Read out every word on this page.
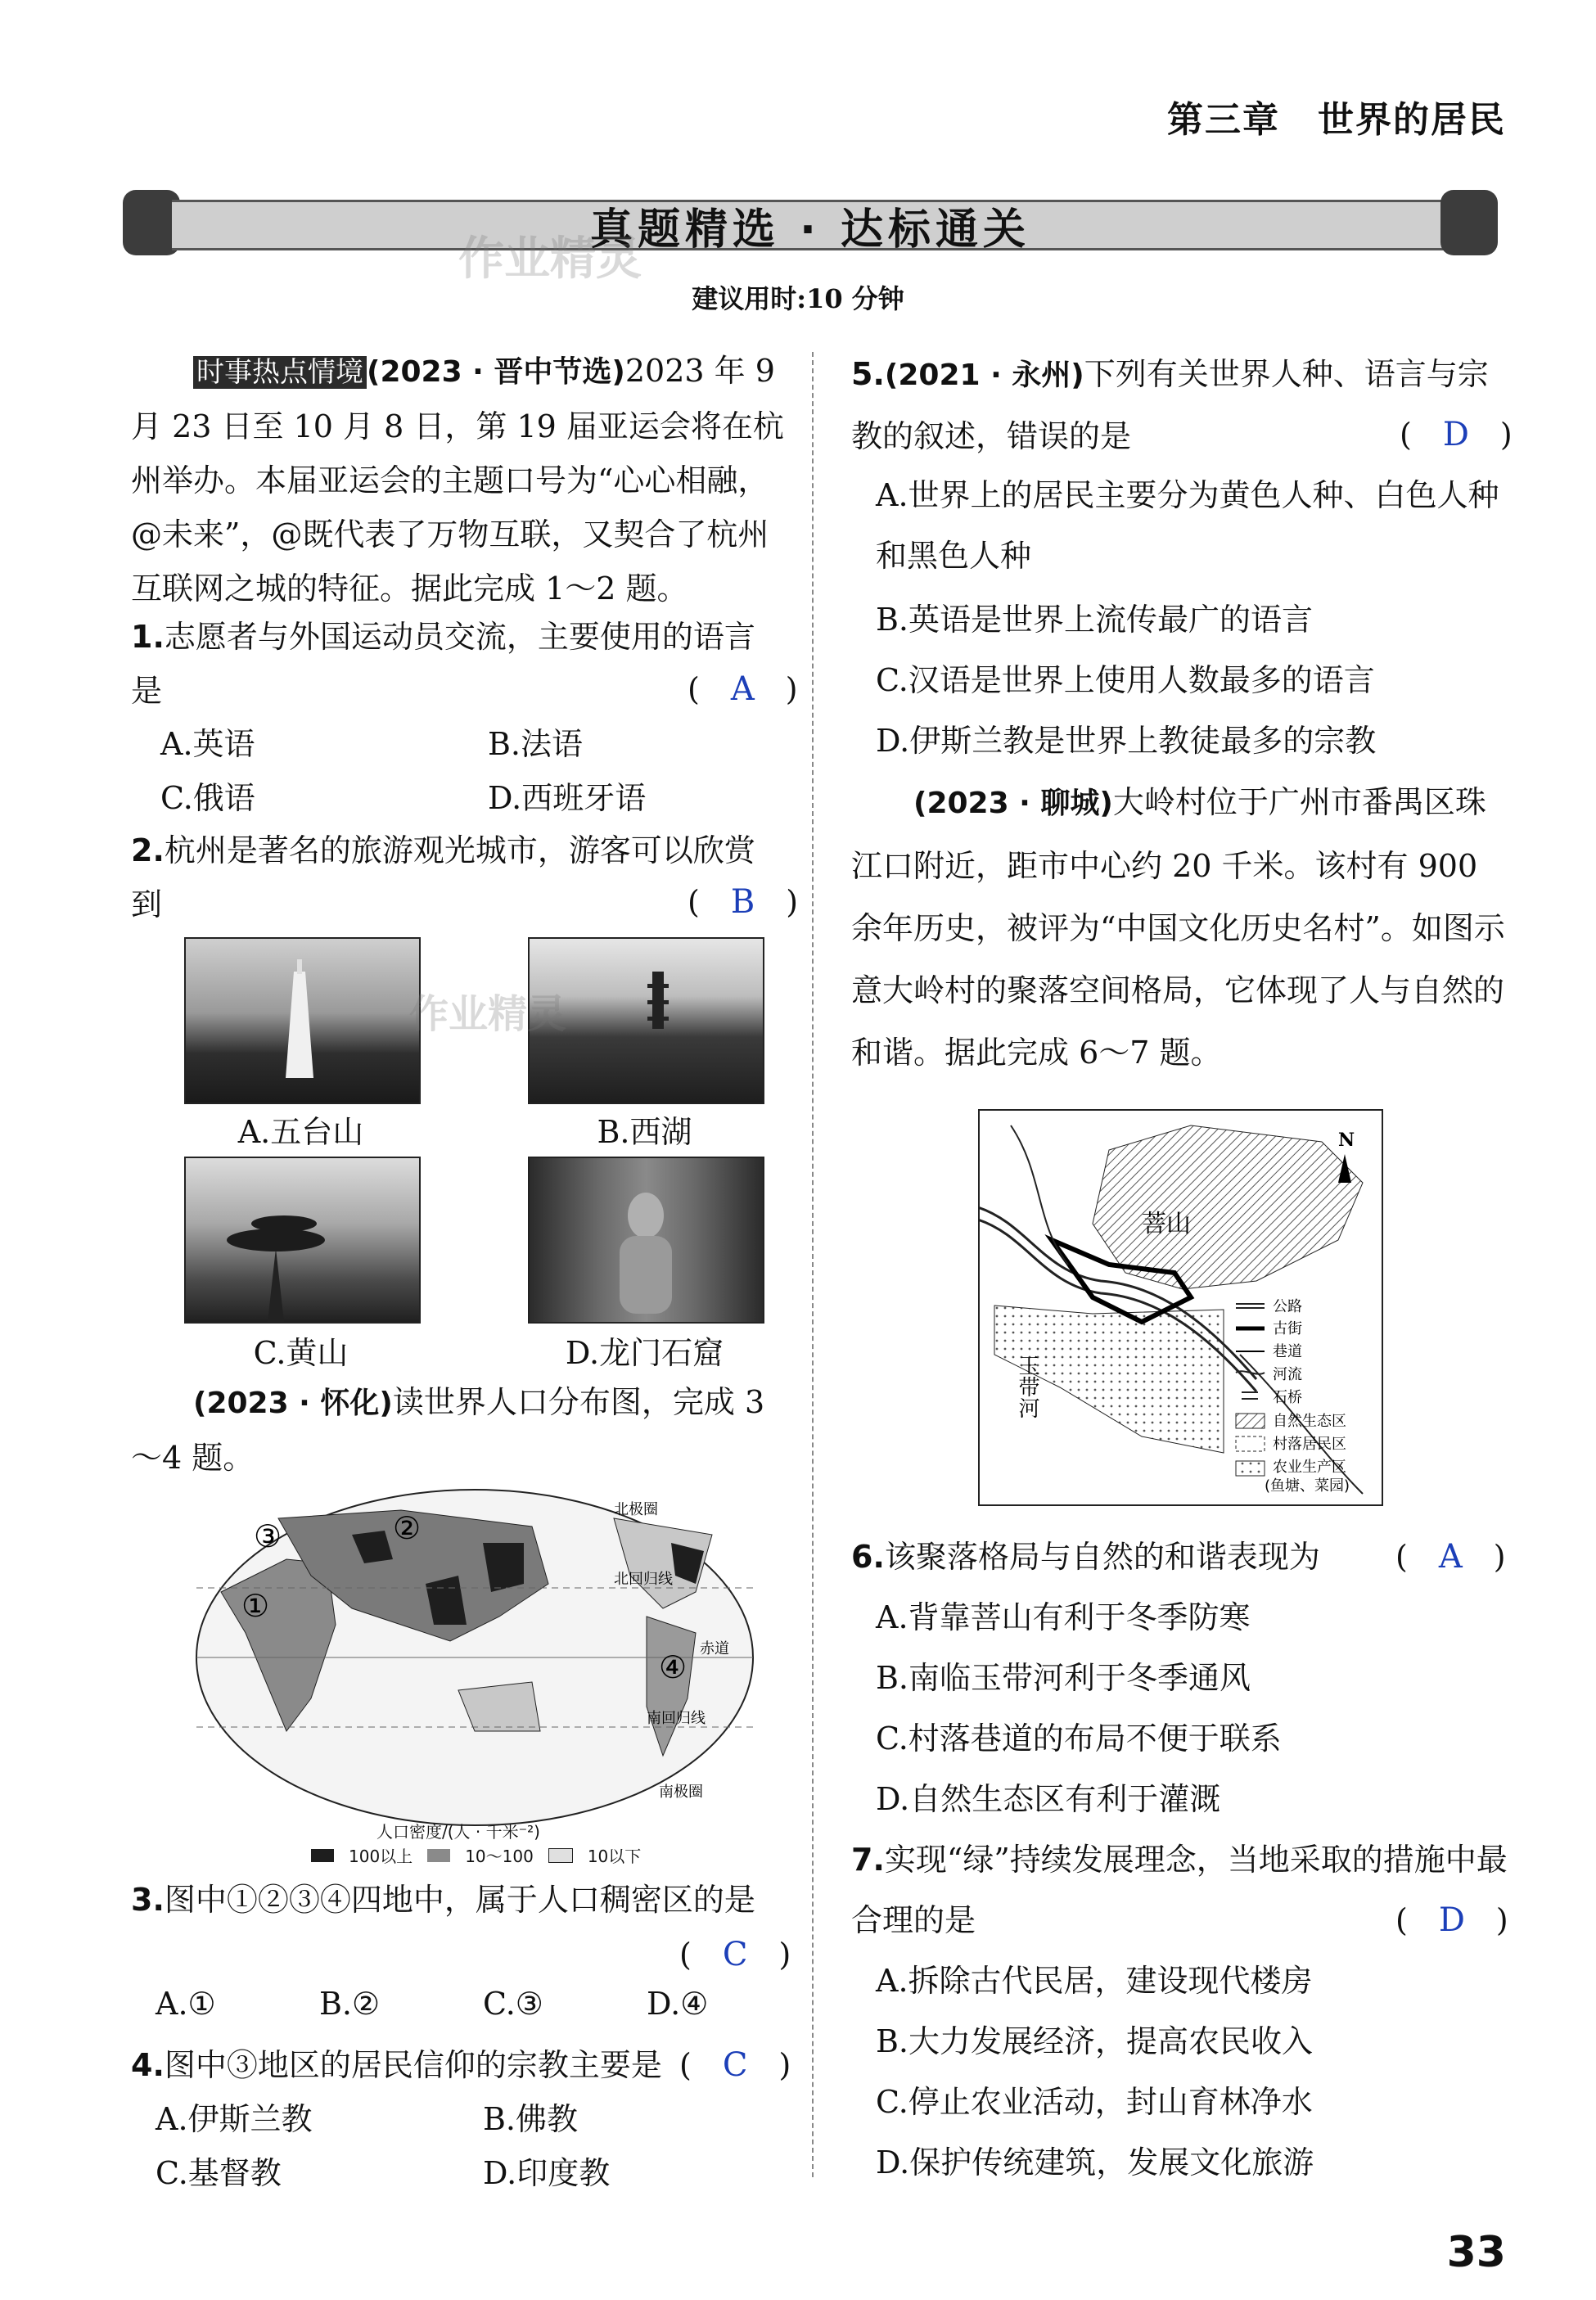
第三章　世界的居民
真题精选 · 达标通关
作业精灵
建议用时:10 分钟

时事热点情境 (2023 · 晋中节选)2023 年 9 月 23 日至 10 月 8 日，第 19 届亚运会将在杭州举办。本届亚运会的主题口号为“心心相融，@未来”，@既代表了万物互联，又契合了杭州互联网之城的特征。据此完成 1～2 题。

1.志愿者与外国运动员交流，主要使用的语言是	(　A　)
A.英语	B.法语
C.俄语	D.西班牙语
2.杭州是著名的旅游观光城市，游客可以欣赏到	(　B　)
A.五台山	B.西湖
C.黄山	D.龙门石窟
作业精灵

(2023 · 怀化)读世界人口分布图，完成 3～4 题。

③	②
①
④
北极圈
北回归线
赤道
南回归线
南极圈
人口密度/(人 · 千米⁻²)
100以上	10～100	10以下
3.图中①②③④四地中，属于人口稠密区的是
(　C　)
A.①	B.②	C.③	D.④
4.图中③地区的居民信仰的宗教主要是 (　C　)
A.伊斯兰教	B.佛教
C.基督教	D.印度教
5.(2021 · 永州)下列有关世界人种、语言与宗教的叙述，错误的是	(　D　)
A.世界上的居民主要分为黄色人种、白色人种和黑色人种
B.英语是世界上流传最广的语言
C.汉语是世界上使用人数最多的语言
D.伊斯兰教是世界上教徒最多的宗教

(2023 · 聊城)大岭村位于广州市番禺区珠江口附近，距市中心约 20 千米。该村有 900 余年历史，被评为“中国文化历史名村”。如图示意大岭村的聚落空间格局，它体现了人与自然的和谐。据此完成 6～7 题。

N
菩山
玉带河
公路
古街
巷道
河流
石桥
自然生态区
村落居民区
农业生产区
(鱼塘、菜园)
6.该聚落格局与自然的和谐表现为	(　A　)
A.背靠菩山有利于冬季防寒
B.南临玉带河利于冬季通风
C.村落巷道的布局不便于联系
D.自然生态区有利于灌溉
7.实现“绿”持续发展理念，当地采取的措施中最合理的是	(　D　)
A.拆除古代民居，建设现代楼房
B.大力发展经济，提高农民收入
C.停止农业活动，封山育林净水
D.保护传统建筑，发展文化旅游
33
